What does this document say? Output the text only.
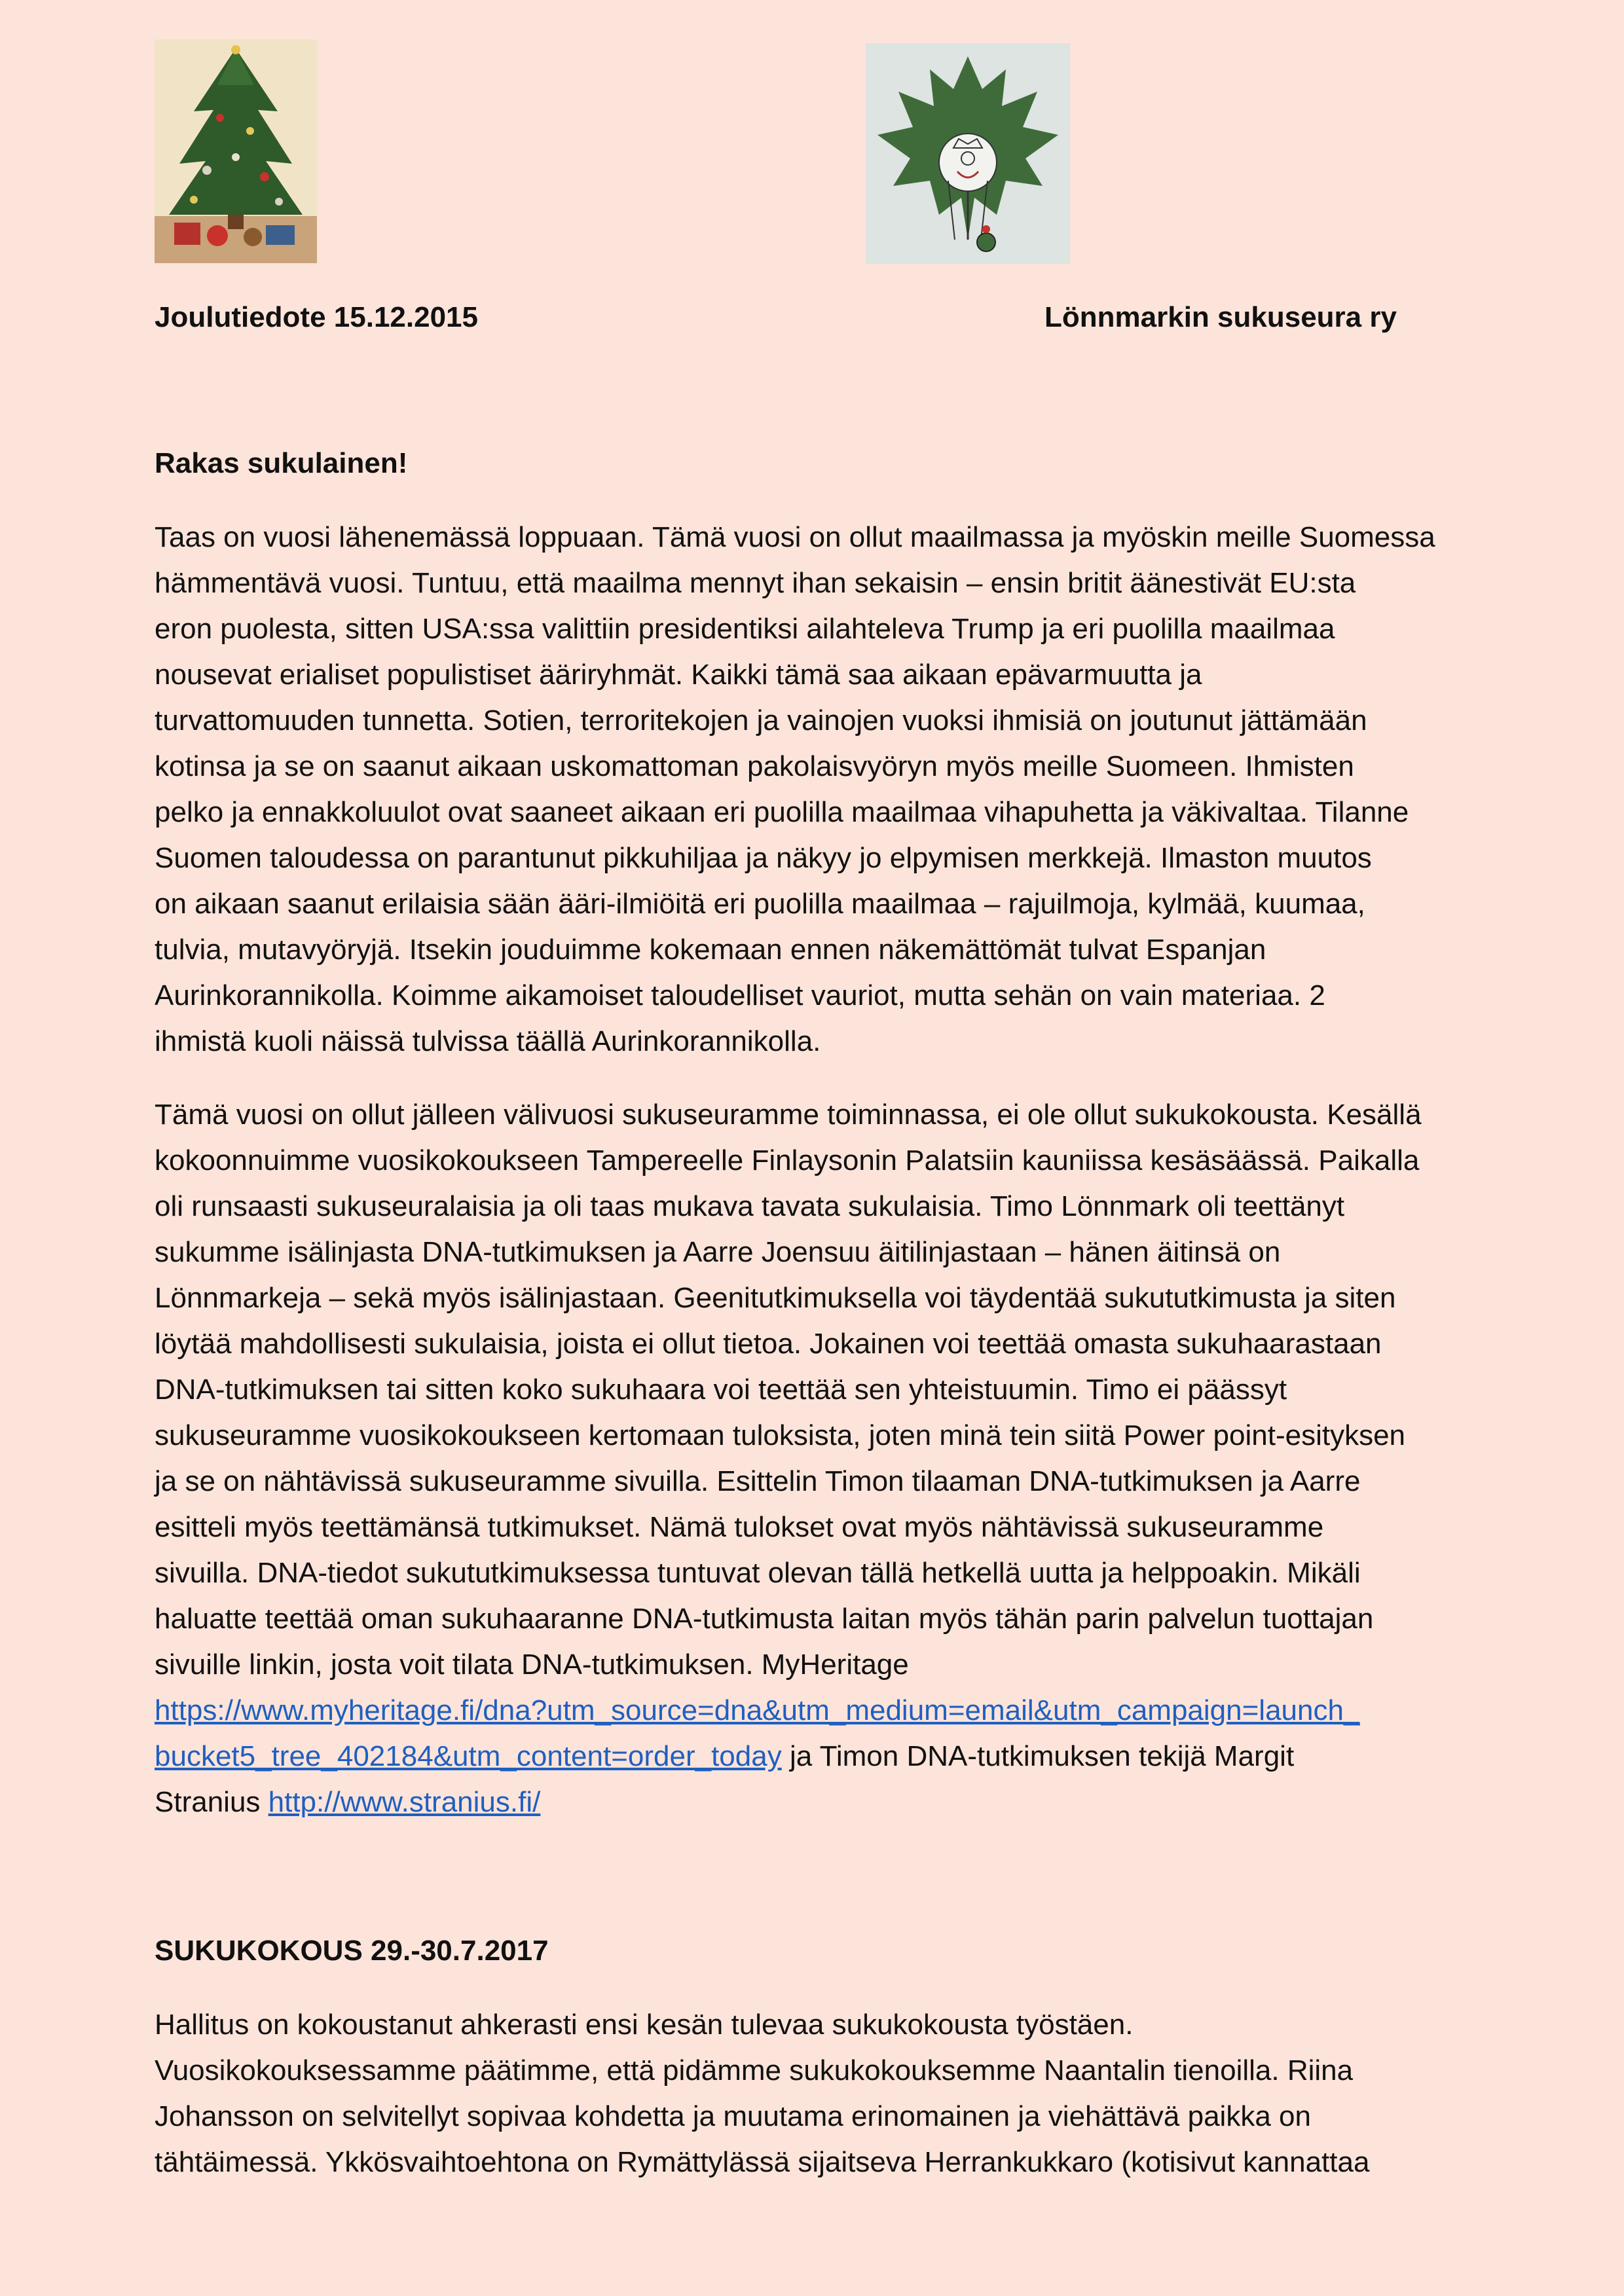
Joulutiedote 15.12.2015	Lönnmarkin sukuseura ry
Rakas sukulainen!

Taas on vuosi lähenemässä loppuaan. Tämä vuosi on ollut maailmassa ja myöskin meille Suomessa
hämmentävä vuosi. Tuntuu, että maailma mennyt ihan sekaisin – ensin britit äänestivät EU:sta
eron puolesta, sitten USA:ssa valittiin presidentiksi ailahteleva Trump ja eri puolilla maailmaa
nousevat erialiset populistiset ääriryhmät. Kaikki tämä saa aikaan epävarmuutta ja
turvattomuuden tunnetta. Sotien, terroritekojen ja vainojen vuoksi ihmisiä on joutunut jättämään
kotinsa ja se on saanut aikaan uskomattoman pakolaisvyöryn myös meille Suomeen. Ihmisten
pelko ja ennakkoluulot ovat saaneet aikaan eri puolilla maailmaa vihapuhetta ja väkivaltaa. Tilanne
Suomen taloudessa on parantunut pikkuhiljaa ja näkyy jo elpymisen merkkejä. Ilmaston muutos
on aikaan saanut erilaisia sään ääri-ilmiöitä eri puolilla maailmaa – rajuilmoja, kylmää, kuumaa,
tulvia, mutavyöryjä. Itsekin jouduimme kokemaan ennen näkemättömät tulvat Espanjan
Aurinkorannikolla. Koimme aikamoiset taloudelliset vauriot, mutta sehän on vain materiaa. 2
ihmistä kuoli näissä tulvissa täällä Aurinkorannikolla.

Tämä vuosi on ollut jälleen välivuosi sukuseuramme toiminnassa, ei ole ollut sukukokousta. Kesällä
kokoonnuimme vuosikokoukseen Tampereelle Finlaysonin Palatsiin kauniissa kesäsäässä. Paikalla
oli runsaasti sukuseuralaisia ja oli taas mukava tavata sukulaisia. Timo Lönnmark oli teettänyt
sukumme isälinjasta DNA-tutkimuksen ja Aarre Joensuu äitilinjastaan – hänen äitinsä on
Lönnmarkeja – sekä myös isälinjastaan. Geenitutkimuksella voi täydentää sukututkimusta ja siten
löytää mahdollisesti sukulaisia, joista ei ollut tietoa. Jokainen voi teettää omasta sukuhaarastaan
DNA-tutkimuksen tai sitten koko sukuhaara voi teettää sen yhteistuumin. Timo ei päässyt
sukuseuramme vuosikokoukseen kertomaan tuloksista, joten minä tein siitä Power point-esityksen
ja se on nähtävissä sukuseuramme sivuilla. Esittelin Timon tilaaman DNA-tutkimuksen ja Aarre
esitteli myös teettämänsä tutkimukset. Nämä tulokset ovat myös nähtävissä sukuseuramme
sivuilla. DNA-tiedot sukututkimuksessa tuntuvat olevan tällä hetkellä uutta ja helppoakin. Mikäli
haluatte teettää oman sukuhaaranne DNA-tutkimusta laitan myös tähän parin palvelun tuottajan
sivuille linkin, josta voit tilata DNA-tutkimuksen. MyHeritage
https://www.myheritage.fi/dna?utm_source=dna&utm_medium=email&utm_campaign=launch_
bucket5_tree_402184&utm_content=order_today ja Timon DNA-tutkimuksen tekijä Margit
Stranius http://www.stranius.fi/

SUKUKOKOUS 29.-30.7.2017

Hallitus on kokoustanut ahkerasti ensi kesän tulevaa sukukokousta työstäen.
Vuosikokouksessamme päätimme, että pidämme sukukokouksemme Naantalin tienoilla. Riina
Johansson on selvitellyt sopivaa kohdetta ja muutama erinomainen ja viehättävä paikka on
tähtäimessä. Ykkösvaihtoehtona on Rymättylässä sijaitseva Herrankukkaro (kotisivut kannattaa
